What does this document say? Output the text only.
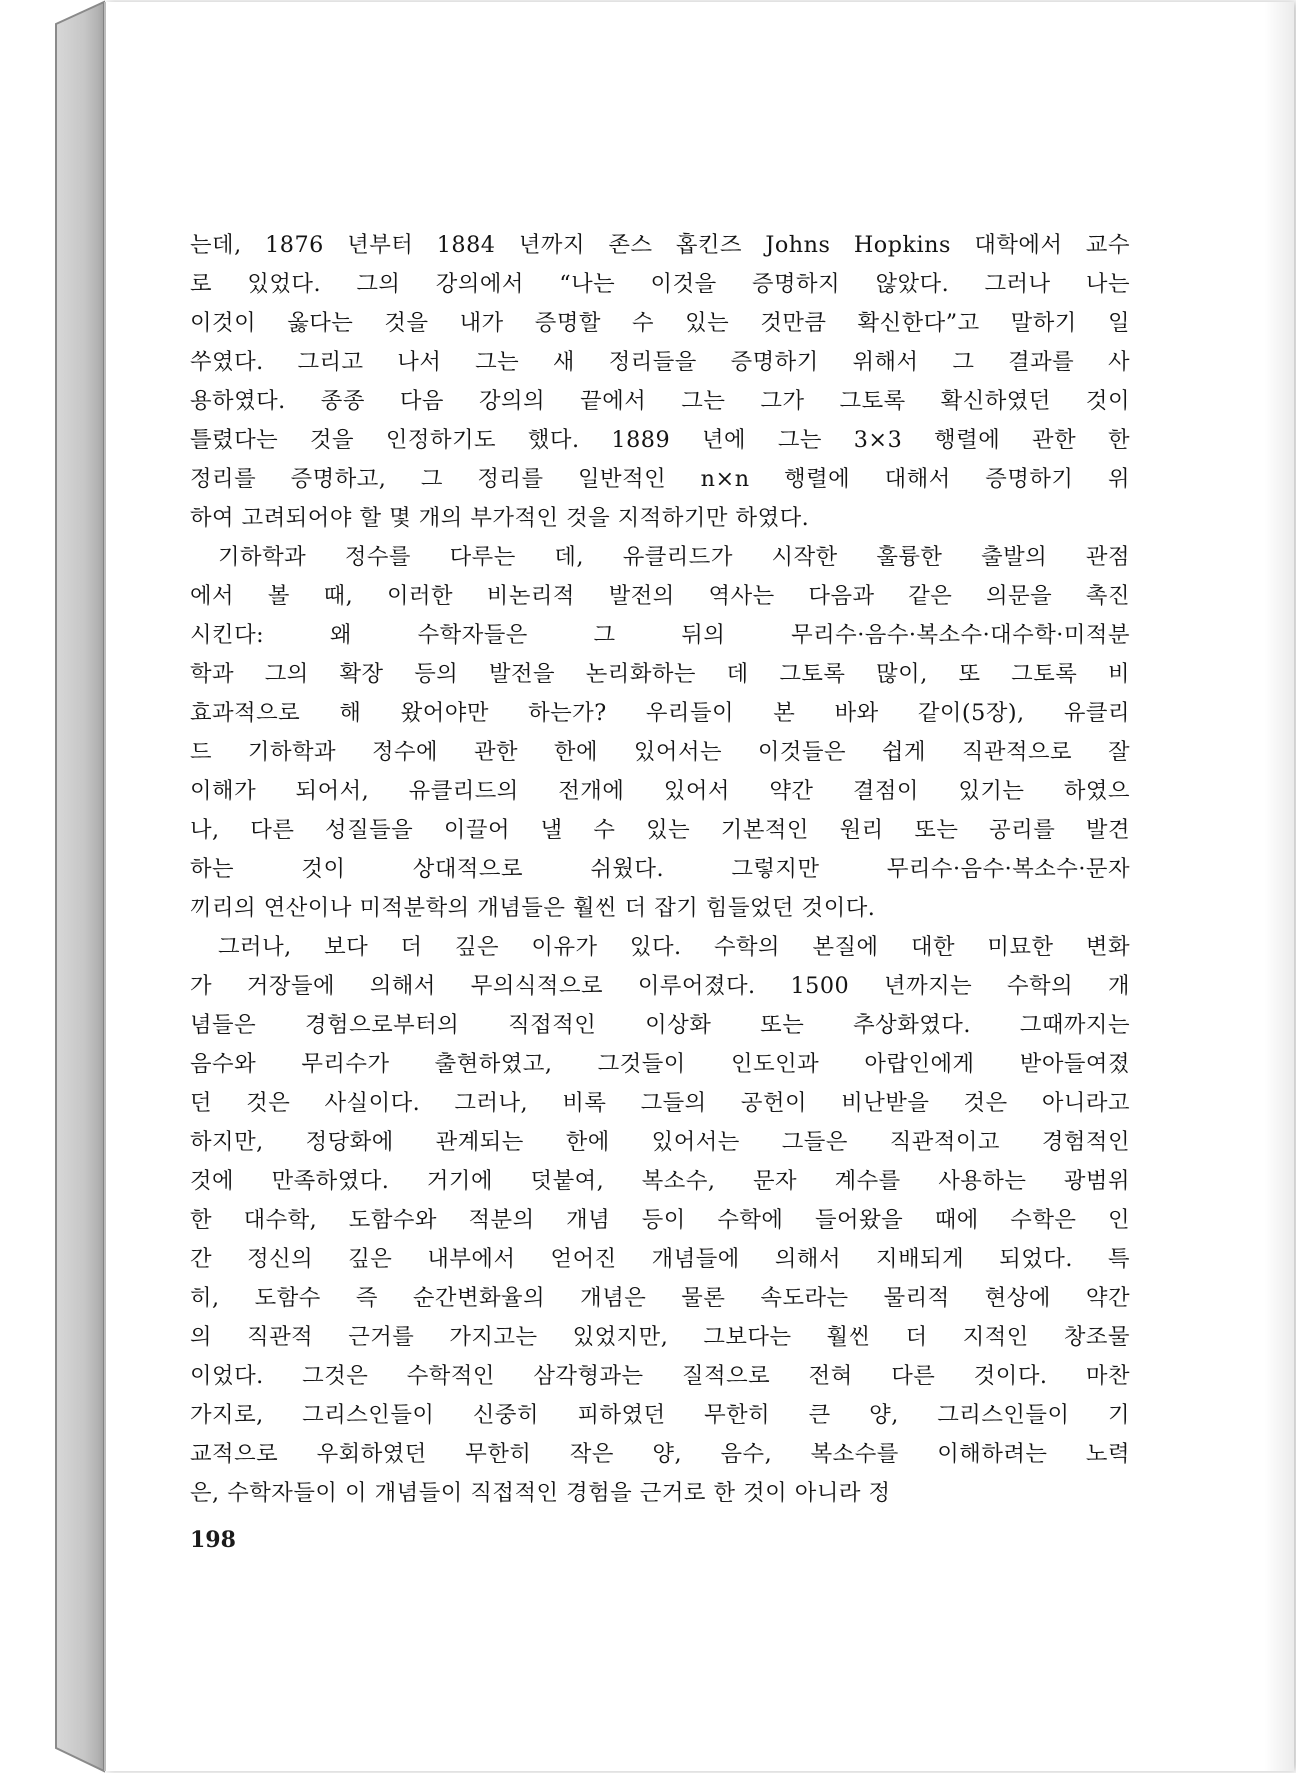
는데, 1876 년부터 1884 년까지 존스 홉킨즈 Johns Hopkins 대학에서 교수
로 있었다. 그의 강의에서 “나는 이것을 증명하지 않았다. 그러나 나는
이것이 옳다는 것을 내가 증명할 수 있는 것만큼 확신한다”고 말하기 일
쑤였다. 그리고 나서 그는 새 정리들을 증명하기 위해서 그 결과를 사
용하였다. 종종 다음 강의의 끝에서 그는 그가 그토록 확신하였던 것이
틀렸다는 것을 인정하기도 했다. 1889 년에 그는 3×3 행렬에 관한 한
정리를 증명하고, 그 정리를 일반적인 n×n 행렬에 대해서 증명하기 위
하여 고려되어야 할 몇 개의 부가적인 것을 지적하기만 하였다.
기하학과 정수를 다루는 데, 유클리드가 시작한 훌륭한 출발의 관점
에서 볼 때, 이러한 비논리적 발전의 역사는 다음과 같은 의문을 촉진
시킨다: 왜 수학자들은 그 뒤의 무리수·음수·복소수·대수학·미적분
학과 그의 확장 등의 발전을 논리화하는 데 그토록 많이, 또 그토록 비
효과적으로 해 왔어야만 하는가? 우리들이 본 바와 같이(5장), 유클리
드 기하학과 정수에 관한 한에 있어서는 이것들은 쉽게 직관적으로 잘
이해가 되어서, 유클리드의 전개에 있어서 약간 결점이 있기는 하였으
나, 다른 성질들을 이끌어 낼 수 있는 기본적인 원리 또는 공리를 발견
하는 것이 상대적으로 쉬웠다. 그렇지만 무리수·음수·복소수·문자
끼리의 연산이나 미적분학의 개념들은 훨씬 더 잡기 힘들었던 것이다.
그러나, 보다 더 깊은 이유가 있다. 수학의 본질에 대한 미묘한 변화
가 거장들에 의해서 무의식적으로 이루어졌다. 1500 년까지는 수학의 개
념들은 경험으로부터의 직접적인 이상화 또는 추상화였다. 그때까지는
음수와 무리수가 출현하였고, 그것들이 인도인과 아랍인에게 받아들여졌
던 것은 사실이다. 그러나, 비록 그들의 공헌이 비난받을 것은 아니라고
하지만, 정당화에 관계되는 한에 있어서는 그들은 직관적이고 경험적인
것에 만족하였다. 거기에 덧붙여, 복소수, 문자 계수를 사용하는 광범위
한 대수학, 도함수와 적분의 개념 등이 수학에 들어왔을 때에 수학은 인
간 정신의 깊은 내부에서 얻어진 개념들에 의해서 지배되게 되었다. 특
히, 도함수 즉 순간변화율의 개념은 물론 속도라는 물리적 현상에 약간
의 직관적 근거를 가지고는 있었지만, 그보다는 훨씬 더 지적인 창조물
이었다. 그것은 수학적인 삼각형과는 질적으로 전혀 다른 것이다. 마찬
가지로, 그리스인들이 신중히 피하였던 무한히 큰 양, 그리스인들이 기
교적으로 우회하였던 무한히 작은 양, 음수, 복소수를 이해하려는 노력
은, 수학자들이 이 개념들이 직접적인 경험을 근거로 한 것이 아니라 정
198
